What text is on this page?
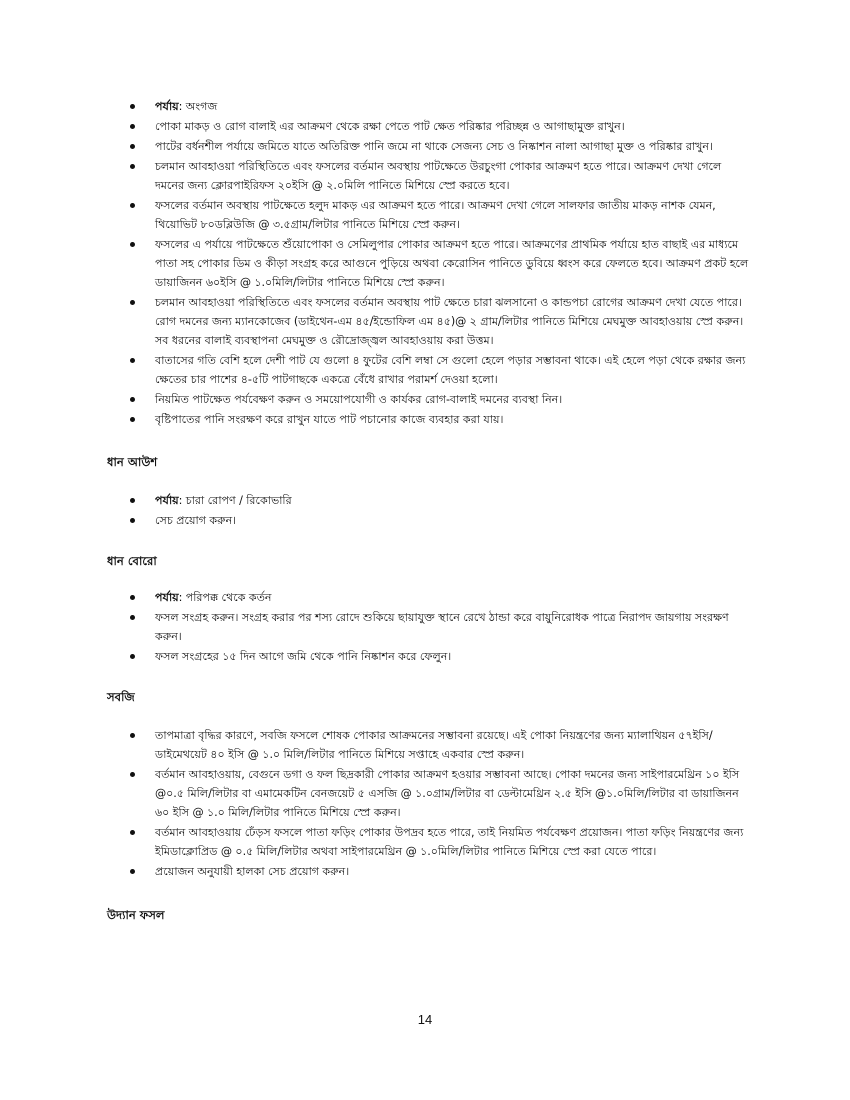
পর্যায়: অংগজ
পোকা মাকড় ও রোগ বালাই এর আক্রমণ থেকে রক্ষা পেতে পাট ক্ষেত পরিষ্কার পরিচ্ছন্ন ও আগাছামুক্ত রাখুন।
পাটের বর্ধনশীল পর্যায়ে জমিতে যাতে অতিরিক্ত পানি জমে না থাকে সেজন্য সেচ ও নিষ্কাশন নালা আগাছা মুক্ত ও পরিষ্কার রাখুন।
চলমান আবহাওয়া পরিস্থিতিতে এবং ফসলের বর্তমান অবস্থায় পাটক্ষেতে উরচুংগা পোকার আক্রমণ হতে পারে। আক্রমণ দেখা গেলে দমনের জন্য ক্লোরপাইরিফস ২০ইসি @ ২.০মিলি পানিতে মিশিয়ে স্প্রে করতে হবে।
ফসলের বর্তমান অবস্থায় পাটক্ষেতে হলুদ মাকড় এর আক্রমণ হতে পারে। আক্রমণ দেখা গেলে সালফার জাতীয় মাকড় নাশক যেমন, থিয়োভিট ৮০ডব্লিউজি @ ৩.৫গ্রাম/লিটার পানিতে মিশিয়ে স্প্রে করুন।
ফসলের এ পর্যায়ে পাটক্ষেতে শুঁয়োপোকা ও সেমিলুপার পোকার আক্রমণ হতে পারে। আক্রমণের প্রাথমিক পর্যায়ে হাত বাছাই এর মাধ্যমে পাতা সহ পোকার ডিম ও কীড়া সংগ্রহ করে আগুনে পুড়িয়ে অথবা কেরোসিন পানিতে ডুবিয়ে ধ্বংস করে ফেলতে হবে। আক্রমণ প্রকট হলে ডায়াজিনন ৬০ইসি @ ১.০মিলি/লিটার পানিতে মিশিয়ে স্প্রে করুন।
চলমান আবহাওয়া পরিস্থিতিতে এবং ফসলের বর্তমান অবস্থায় পাট ক্ষেতে চারা ঝলসানো ও কান্ডপচা রোগের আক্রমণ দেখা যেতে পারে। রোগ দমনের জন্য ম্যানকোজেব (ডাইথেন-এম ৪৫/ইন্ডোফিল এম ৪৫)@ ২ গ্রাম/লিটার পানিতে মিশিয়ে মেঘমুক্ত আবহাওয়ায় স্প্রে করুন। সব ধরনের বালাই ব্যবস্থাপনা মেঘমুক্ত ও রৌদ্রোজ্জ্বল আবহাওয়ায় করা উত্তম।
বাতাসের গতি বেশি হলে দেশী পাট যে গুলো ৪ ফুটের বেশি লম্বা সে গুলো হেলে পড়ার সম্ভাবনা থাকে। এই হেলে পড়া থেকে রক্ষার জন্য ক্ষেতের চার পাশের ৪-৫টি পাটগাছকে একত্রে বেঁধে রাখার পরামর্শ দেওয়া হলো।
নিয়মিত পাটক্ষেত পর্যবেক্ষণ করুন ও সময়োপযোগী ও কার্যকর রোগ-বালাই দমনের ব্যবস্থা নিন।
বৃষ্টিপাতের পানি সংরক্ষণ করে রাখুন যাতে পাট পচানোর কাজে ব্যবহার করা যায়।

ধান আউশ

পর্যায়: চারা রোপণ / রিকোভারি
সেচ প্রয়োগ করুন।

ধান বোরো

পর্যায়: পরিপক্ক থেকে কর্তন
ফসল সংগ্রহ করুন। সংগ্রহ করার পর শস্য রোদে শুকিয়ে ছায়াযুক্ত স্থানে রেখে ঠান্ডা করে বায়ুনিরোধক পাত্রে নিরাপদ জায়গায় সংরক্ষণ করুন।
ফসল সংগ্রহের ১৫ দিন আগে জমি থেকে পানি নিষ্কাশন করে ফেলুন।

সবজি

তাপমাত্রা বৃদ্ধির কারণে, সবজি ফসলে শোষক পোকার আক্রমনের সম্ভাবনা রয়েছে। এই পোকা নিয়ন্ত্রণের জন্য ম্যালাথিয়ন ৫৭ইসি/ডাইমেথয়েট ৪০ ইসি @ ১.০ মিলি/লিটার পানিতে মিশিয়ে সপ্তাহে একবার স্প্রে করুন।
বর্তমান আবহাওয়ায়, বেগুনে ডগা ও ফল ছিদ্রকারী পোকার আক্রমণ হওয়ার সম্ভাবনা আছে। পোকা দমনের জন্য সাইপারমেথ্রিন ১০ ইসি @০.৫ মিলি/লিটার বা এমামেকটিন বেনজয়েট ৫ এসজি @ ১.০গ্রাম/লিটার বা ডেল্টামেথ্রিন ২.৫ ইসি @১.০মিলি/লিটার বা ডায়াজিনন ৬০ ইসি @ ১.০ মিলি/লিটার পানিতে মিশিয়ে স্প্রে করুন।
বর্তমান আবহাওয়ায় ঢেঁড়স ফসলে পাতা ফড়িং পোকার উপদ্রব হতে পারে, তাই নিয়মিত পর্যবেক্ষণ প্রয়োজন। পাতা ফড়িং নিয়ন্ত্রণের জন্য ইমিডাক্লোপ্রিড @ ০.৫ মিলি/লিটার অথবা সাইপারমেথ্রিন @ ১.০মিলি/লিটার পানিতে মিশিয়ে স্প্রে করা যেতে পারে।
প্রয়োজন অনুযায়ী হালকা সেচ প্রয়োগ করুন।

উদ্যান ফসল

14
